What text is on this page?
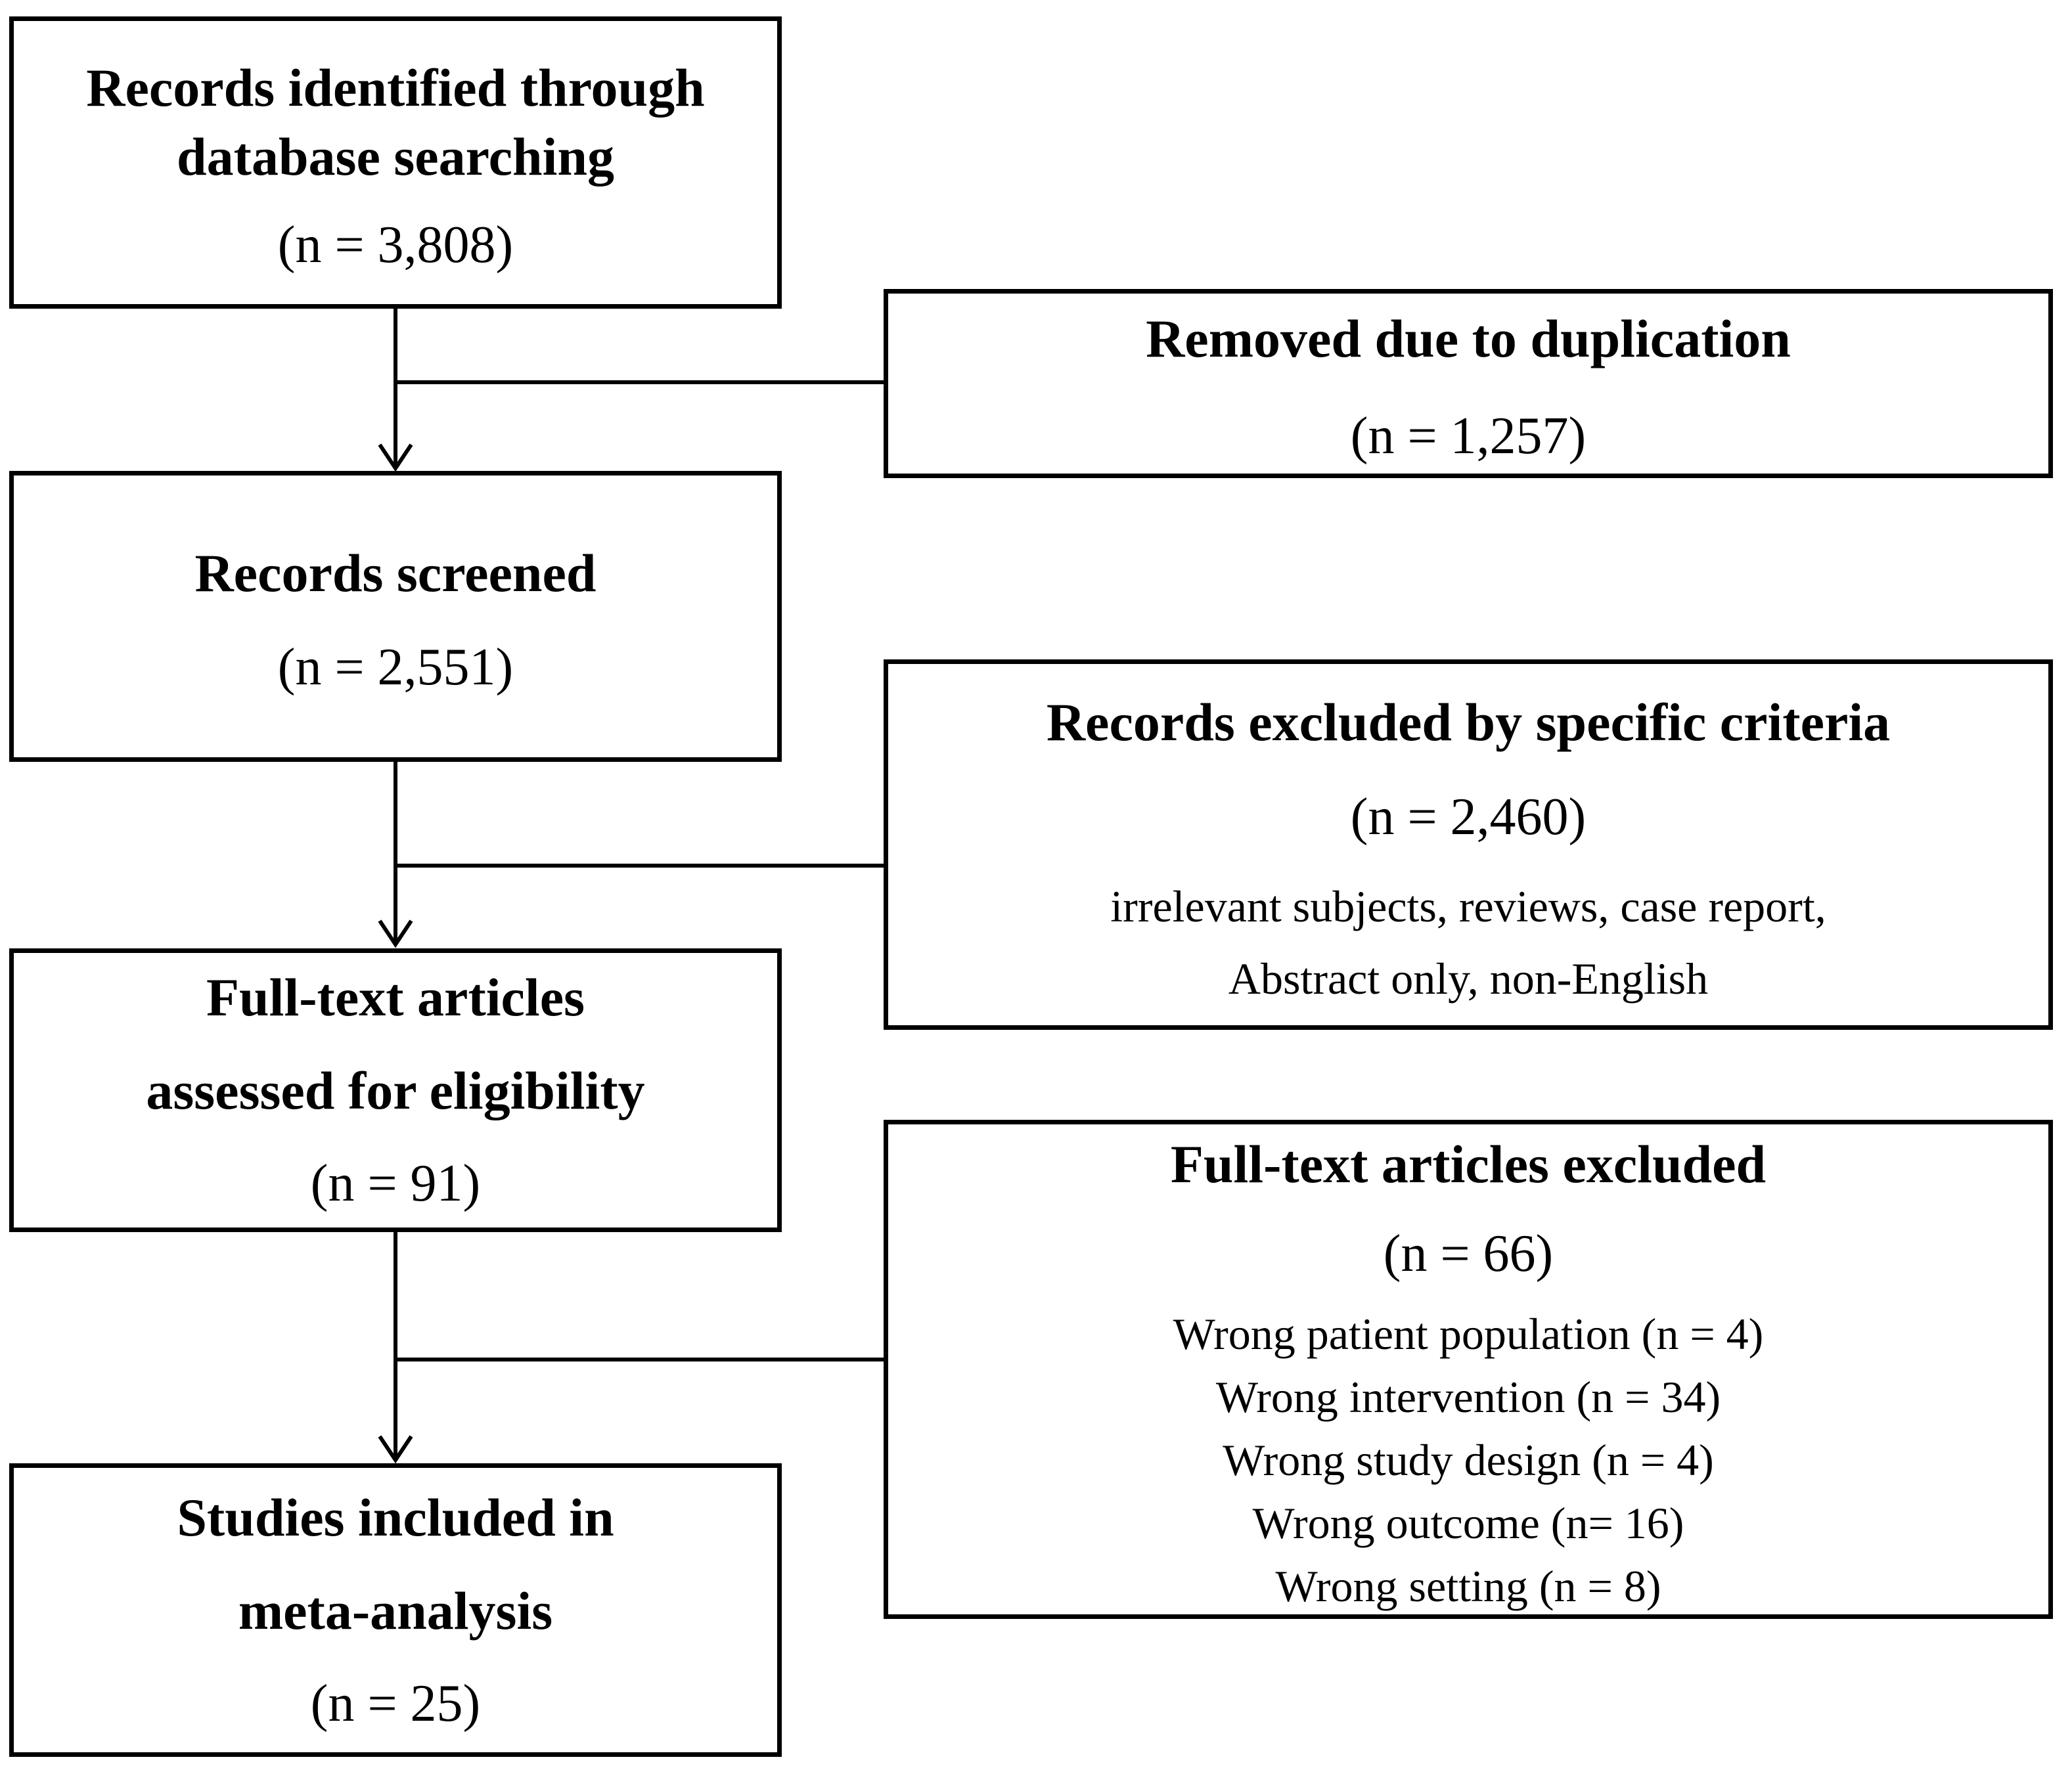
Records identified through
database searching
(n = 3,808)
Records screened
(n = 2,551)
Full-text articles
assessed for eligibility
(n = 91)
Studies included in
meta-analysis
(n = 25)
Removed due to duplication
(n = 1,257)
Records excluded by specific criteria
(n = 2,460)
irrelevant subjects, reviews, case report,
Abstract only, non-English
Full-text articles excluded
(n = 66)
Wrong patient population (n = 4)
Wrong intervention (n = 34)
Wrong study design (n = 4)
Wrong outcome (n= 16)
Wrong setting (n = 8)
